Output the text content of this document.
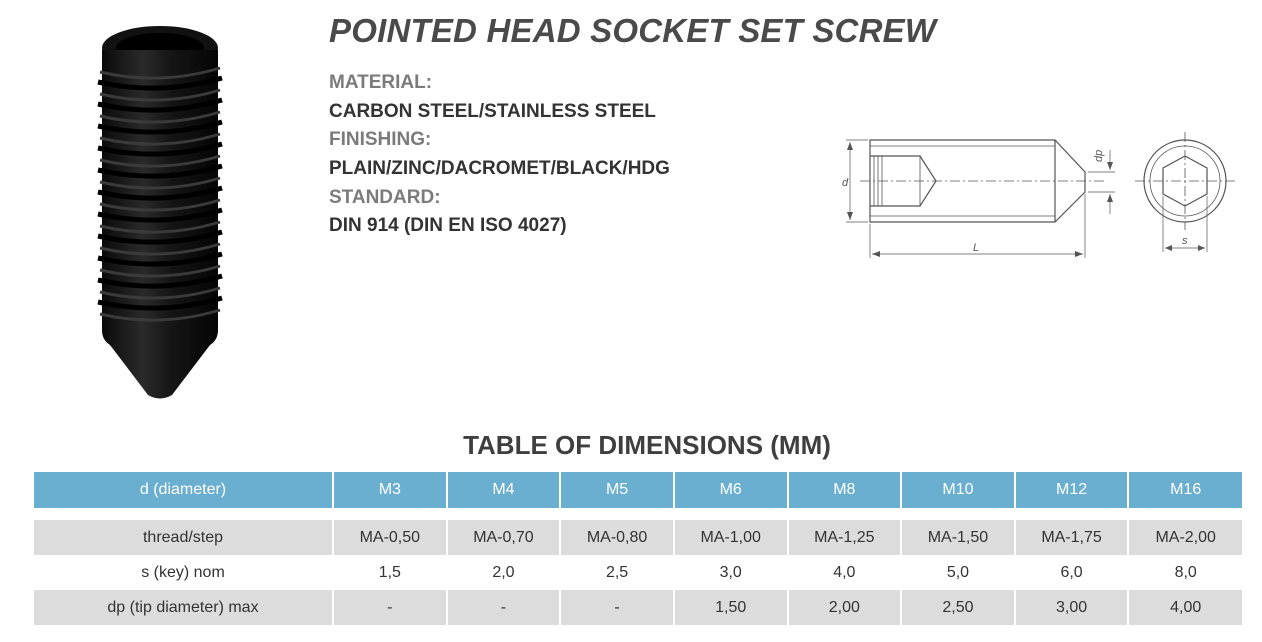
POINTED HEAD SOCKET SET SCREW
MATERIAL:
CARBON STEEL/STAINLESS STEEL
FINISHING:
PLAIN/ZINC/DACROMET/BLACK/HDG
STANDARD:
DIN 914 (DIN EN ISO 4027)
d
L
dp
s
TABLE OF DIMENSIONS (MM)
d (diameter)	M3	M4	M5	M6	M8	M10	M12	M16

thread/step	MA-0,50	MA-0,70	MA-0,80	MA-1,00	MA-1,25	MA-1,50	MA-1,75	MA-2,00
s (key) nom	1,5	2,0	2,5	3,0	4,0	5,0	6,0	8,0
dp (tip diameter) max	-	-	-	1,50	2,00	2,50	3,00	4,00
